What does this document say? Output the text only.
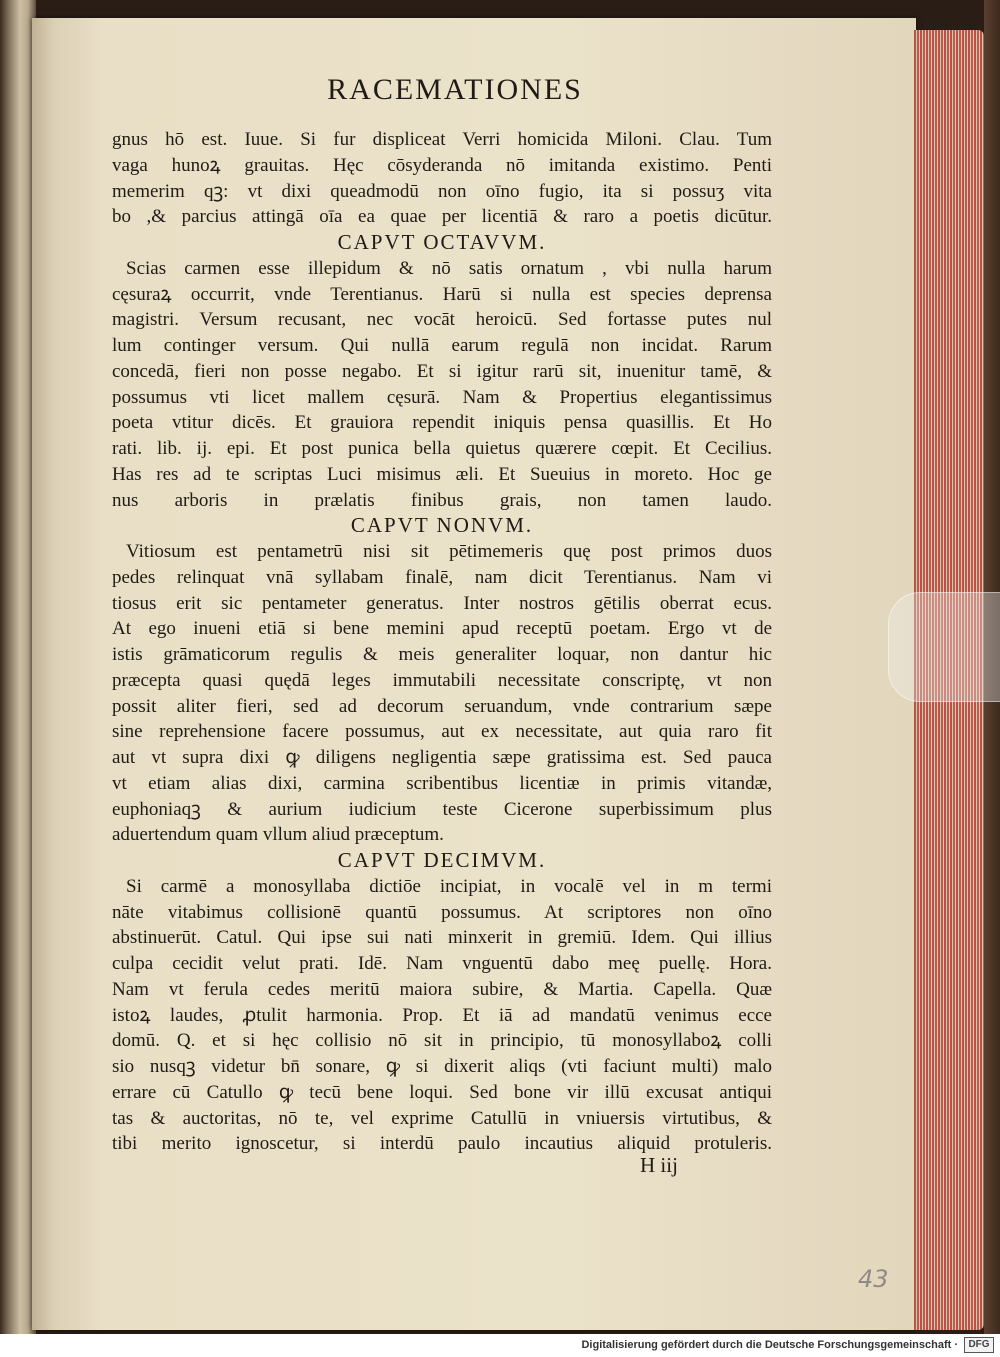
RACEMATIONES
gnus hō est. Iuue. Si fur displiceat Verri homicida Miloni. Clau. Tum
vaga hunoꝝ grauitas. Hęc cōsyderanda nō imitanda existimo. Penti
memerim qꝫ: vt dixi queadmodū non oīno fugio, ita si possuʒ vita
bo ,& parcius attingā oīa ea quae per licentiā & raro a poetis dicūtur.
CAPVT OCTAVVM.
Scias carmen esse illepidum & nō satis ornatum , vbi nulla harum
cęsuraꝝ occurrit, vnde Terentianus. Harū si nulla est species deprensa
magistri. Versum recusant, nec vocāt heroicū. Sed fortasse putes nul
lum continger versum. Qui nullā earum regulā non incidat. Rarum
concedā, fieri non posse negabo. Et si igitur rarū sit, inuenitur tamē, &
possumus vti licet mallem cęsurā. Nam & Propertius elegantissimus
poeta vtitur dicēs. Et grauiora rependit iniquis pensa quasillis. Et Ho
rati. lib. ij. epi. Et post punica bella quietus quærere cœpit. Et Cecilius.
Has res ad te scriptas Luci misimus æli. Et Sueuius in moreto. Hoc ge
nus arboris in prælatis finibus grais, non tamen laudo.
CAPVT NONVM.
Vitiosum est pentametrū nisi sit pētimemeris quę post primos duos
pedes relinquat vnā syllabam finalē, nam dicit Terentianus. Nam vi
tiosus erit sic pentameter generatus. Inter nostros gētilis oberrat ecus.
At ego inueni etiā si bene memini apud receptū poetam. Ergo vt de
istis grāmaticorum regulis & meis generaliter loquar, non dantur hic
præcepta quasi quędā leges immutabili necessitate conscriptę, vt non
possit aliter fieri, sed ad decorum seruandum, vnde contrarium sæpe
sine reprehensione facere possumus, aut ex necessitate, aut quia raro fit
aut vt supra dixi ꝙ diligens negligentia sæpe gratissima est. Sed pauca
vt etiam alias dixi, carmina scribentibus licentiæ in primis vitandæ,
euphoniaqꝫ & aurium iudicium teste Cicerone superbissimum plus
aduertendum quam vllum aliud præceptum.
CAPVT DECIMVM.
Si carmē a monosyllaba dictiōe incipiat, in vocalē vel in m termi
nāte vitabimus collisionē quantū possumus. At scriptores non oīno
abstinuerūt. Catul. Qui ipse sui nati minxerit in gremiū. Idem. Qui illius
culpa cecidit velut prati. Idē. Nam vnguentū dabo meę puellę. Hora.
Nam vt ferula cedes meritū maiora subire, & Martia. Capella. Quæ
istoꝝ laudes, ꝓtulit harmonia. Prop. Et iā ad mandatū venimus ecce
domū. Q. et si hęc collisio nō sit in principio, tū monosyllaboꝝ colli
sio nusqꝫ videtur bn̄ sonare, ꝙ si dixerit aliqs (vti faciunt multi) malo
errare cū Catullo ꝙ tecū bene loqui. Sed bone vir illū excusat antiqui
tas & auctoritas, nō te, vel exprime Catullū in vniuersis virtutibus, &
tibi merito ignoscetur, si interdū paulo incautius aliquid protuleris.
H iij
43
Digitalisierung gefördert durch die Deutsche Forschungsgemeinschaft ·	DFG
